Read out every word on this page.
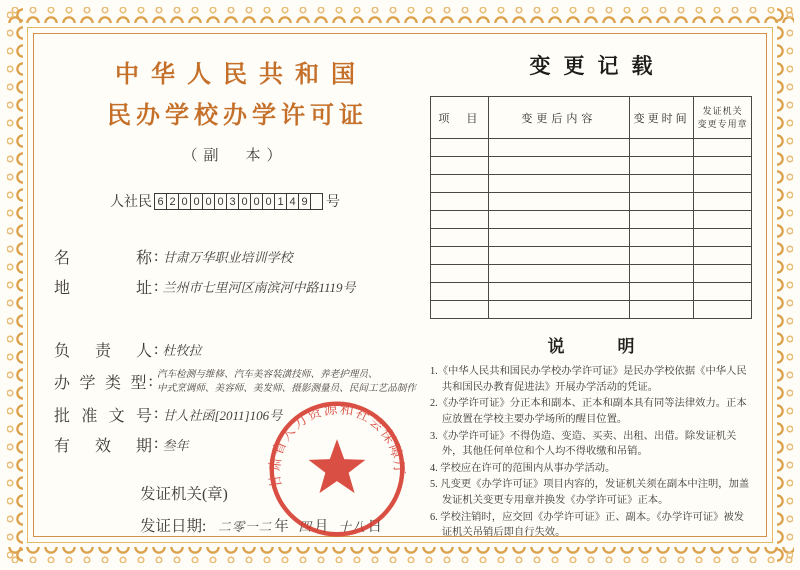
中华人民共和国
民办学校办学许可证
（副　本）
人社民 6 2 0 0 0 0 3 0 0 0 1 4 9 号
名称 : 甘肃万华职业培训学校
地址 : 兰州市七里河区南滨河中路1119号
负责人 : 杜牧拉
办学类型 : 汽车检测与维修、汽车美容装潢技师、养老护理员、
中式烹调师、美容师、美发师、摄影测量员、民间工艺品制作
批准文号 : 甘人社函[2011]106号
有效期 : 叁年
发证机关(章)
发证日期: 二零一二 年 四 月 十八 日
甘肃省人力资源和社会保障厅
变更记载
项　目	变更后内容	变更时间	发证机关
变更专用章

说　明
1.《中华人民共和国民办学校办学许可证》是民办学校依据《中华人民共和国民办教育促进法》开展办学活动的凭证。
2.《办学许可证》分正本和副本、正本和副本具有同等法律效力。正本应放置在学校主要办学场所的醒目位置。
3.《办学许可证》不得伪造、变造、买卖、出租、出借。除发证机关外，其他任何单位和个人均不得收缴和吊销。
4. 学校应在许可的范围内从事办学活动。
5. 凡变更《办学许可证》项目内容的，发证机关须在副本中注明，加盖发证机关变更专用章并换发《办学许可证》正本。
6. 学校注销时，应交回《办学许可证》正、副本。《办学许可证》被发证机关吊销后即自行失效。
